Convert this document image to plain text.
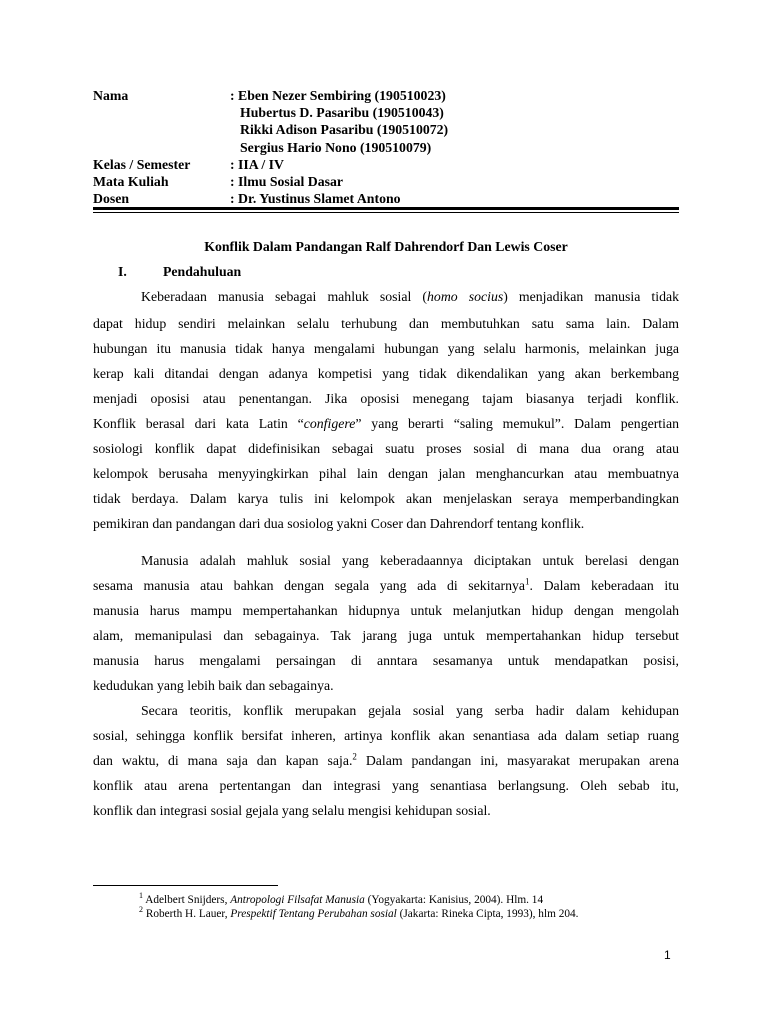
Nama	: Eben Nezer Sembiring (190510023)
Hubertus D. Pasaribu (190510043)
Rikki Adison Pasaribu (190510072)
Sergius Hario Nono (190510079)
Kelas / Semester	: IIA / IV
Mata Kuliah	: Ilmu Sosial Dasar
Dosen	: Dr. Yustinus Slamet Antono
Konflik Dalam Pandangan Ralf Dahrendorf Dan Lewis Coser
I.	Pendahuluan
Keberadaan manusia sebagai mahluk sosial (homo socius) menjadikan manusia tidak
dapat hidup sendiri melainkan selalu terhubung dan membutuhkan satu sama lain. Dalam
hubungan itu manusia tidak hanya mengalami hubungan yang selalu harmonis, melainkan juga
kerap kali ditandai dengan adanya kompetisi yang tidak dikendalikan yang akan berkembang
menjadi oposisi atau penentangan. Jika oposisi menegang tajam biasanya terjadi konflik.
Konflik berasal dari kata Latin “configere” yang berarti “saling memukul”. Dalam pengertian
sosiologi konflik dapat didefinisikan sebagai suatu proses sosial di mana dua orang atau
kelompok berusaha menyyingkirkan pihal lain dengan jalan menghancurkan atau membuatnya
tidak berdaya. Dalam karya tulis ini kelompok akan menjelaskan seraya memperbandingkan
pemikiran dan pandangan dari dua sosiolog yakni Coser dan Dahrendorf tentang konflik.
Manusia adalah mahluk sosial yang keberadaannya diciptakan untuk berelasi dengan
sesama manusia atau bahkan dengan segala yang ada di sekitarnya$^1$. Dalam keberadaan itu
manusia harus mampu mempertahankan hidupnya untuk melanjutkan hidup dengan mengolah
alam, memanipulasi dan sebagainya. Tak jarang juga untuk mempertahankan hidup tersebut
manusia harus mengalami persaingan di anntara sesamanya untuk mendapatkan posisi,
kedudukan yang lebih baik dan sebagainya.
Secara teoritis, konflik merupakan gejala sosial yang serba hadir dalam kehidupan
sosial, sehingga konflik bersifat inheren, artinya konflik akan senantiasa ada dalam setiap ruang
dan waktu, di mana saja dan kapan saja.$^2$ Dalam pandangan ini, masyarakat merupakan arena
konflik atau arena pertentangan dan integrasi yang senantiasa berlangsung. Oleh sebab itu,
konflik dan integrasi sosial gejala yang selalu mengisi kehidupan sosial.
$^1$ Adelbert Snijders, Antropologi Filsafat Manusia (Yogyakarta: Kanisius, 2004). Hlm. 14
$^2$ Roberth H. Lauer, Prespektif Tentang Perubahan sosial (Jakarta: Rineka Cipta, 1993), hlm 204.
1
